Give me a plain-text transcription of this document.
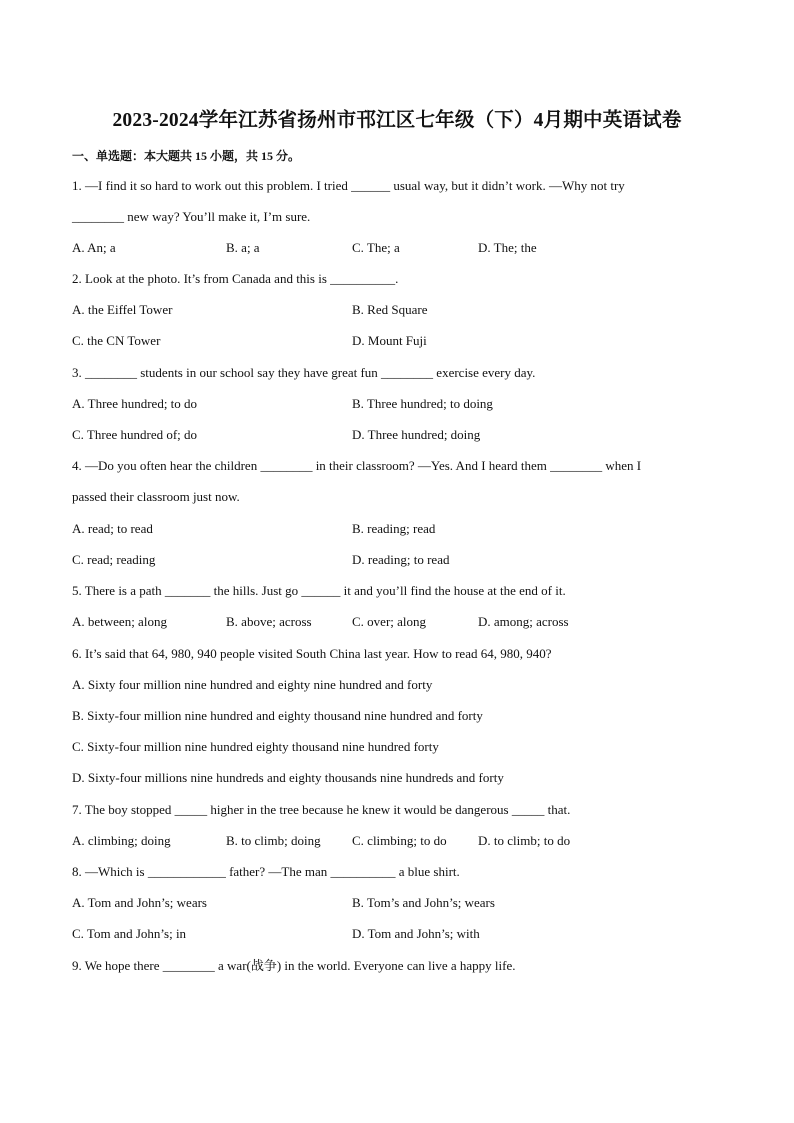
2023-2024学年江苏省扬州市邗江区七年级（下）4月期中英语试卷
一、单选题：本大题共 15 小题，共 15 分。
1. —I find it so hard to work out this problem. I tried ______ usual way, but it didn’t work. —Why not try
________ new way? You’ll make it, I’m sure.
A. An; a	B. a; a	C. The; a	D. The; the
2. Look at the photo. It’s from Canada and this is __________.
A. the Eiffel Tower	B. Red Square
C. the CN Tower	D. Mount Fuji
3. ________ students in our school say they have great fun ________ exercise every day.
A. Three hundred; to do	B. Three hundred; to doing
C. Three hundred of; do	D. Three hundred; doing
4. —Do you often hear the children ________ in their classroom? —Yes. And I heard them ________ when I
passed their classroom just now.
A. read; to read	B. reading; read
C. read; reading	D. reading; to read
5. There is a path _______ the hills. Just go ______ it and you’ll find the house at the end of it.
A. between; along	B. above; across	C. over; along	D. among; across
6. It’s said that 64, 980, 940 people visited South China last year. How to read 64, 980, 940?
A. Sixty four million nine hundred and eighty nine hundred and forty
B. Sixty-four million nine hundred and eighty thousand nine hundred and forty
C. Sixty-four million nine hundred eighty thousand nine hundred forty
D. Sixty-four millions nine hundreds and eighty thousands nine hundreds and forty
7. The boy stopped _____ higher in the tree because he knew it would be dangerous _____ that.
A. climbing; doing	B. to climb; doing C. climbing; to do D. to climb; to do
8. —Which is ____________ father? —The man __________ a blue shirt.
A. Tom and John’s; wears	B. Tom’s and John’s; wears
C. Tom and John’s; in	D. Tom and John’s; with
9. We hope there ________ a war(战争) in the world. Everyone can live a happy life.
